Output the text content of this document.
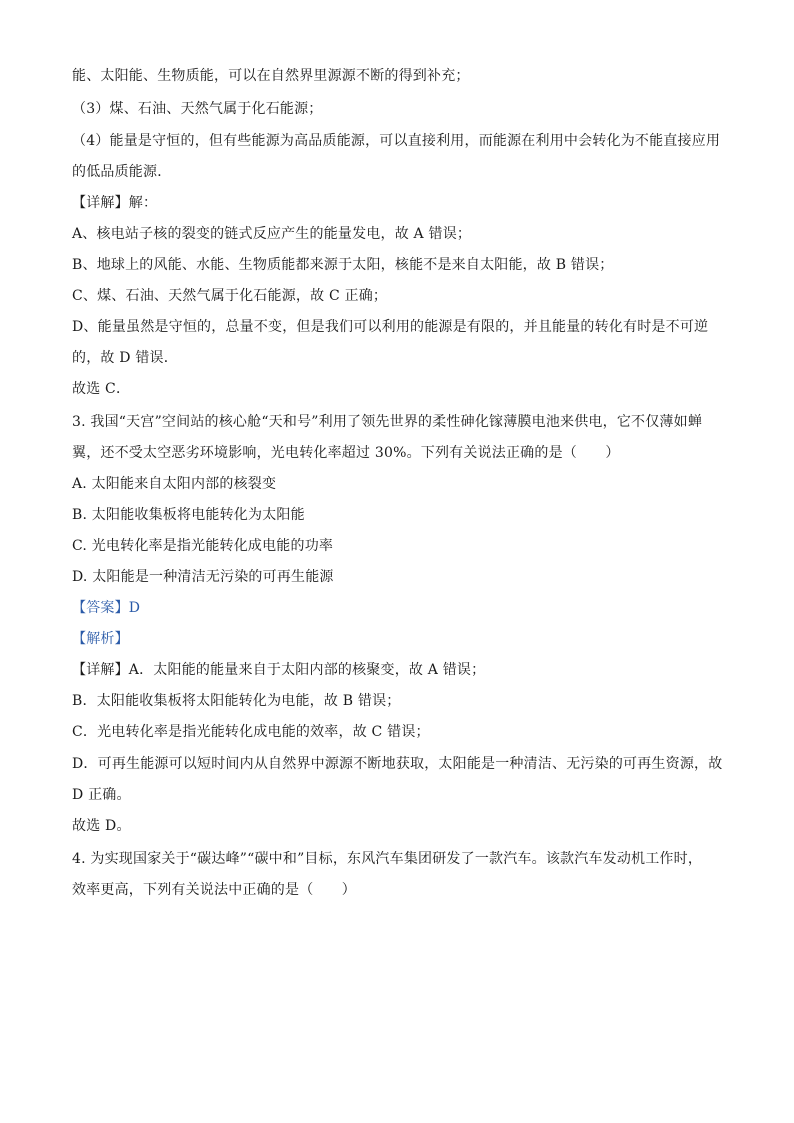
能、太阳能、生物质能，可以在自然界里源源不断的得到补充；
（3）煤、石油、天然气属于化石能源；
（4）能量是守恒的，但有些能源为高品质能源，可以直接利用，而能源在利用中会转化为不能直接应用
的低品质能源．
【详解】解：
A、核电站子核的裂变的链式反应产生的能量发电，故 A 错误；
B、地球上的风能、水能、生物质能都来源于太阳，核能不是来自太阳能，故 B 错误；
C、煤、石油、天然气属于化石能源，故 C 正确；
D、能量虽然是守恒的，总量不变，但是我们可以利用的能源是有限的，并且能量的转化有时是不可逆
的，故 D 错误．
故选 C．
3. 我国“天宫”空间站的核心舱“天和号”利用了领先世界的柔性砷化镓薄膜电池来供电，它不仅薄如蝉
翼，还不受太空恶劣环境影响，光电转化率超过 30%。下列有关说法正确的是（　　）
A. 太阳能来自太阳内部的核裂变
B. 太阳能收集板将电能转化为太阳能
C. 光电转化率是指光能转化成电能的功率
D. 太阳能是一种清洁无污染的可再生能源
【答案】D
【解析】
【详解】A．太阳能的能量来自于太阳内部的核聚变，故 A 错误；
B．太阳能收集板将太阳能转化为电能，故 B 错误；
C．光电转化率是指光能转化成电能的效率，故 C 错误；
D．可再生能源可以短时间内从自然界中源源不断地获取，太阳能是一种清洁、无污染的可再生资源，故
D 正确。
故选 D。
4. 为实现国家关于“碳达峰”“碳中和”目标，东风汽车集团研发了一款汽车。该款汽车发动机工作时，
效率更高，下列有关说法中正确的是（　　）
